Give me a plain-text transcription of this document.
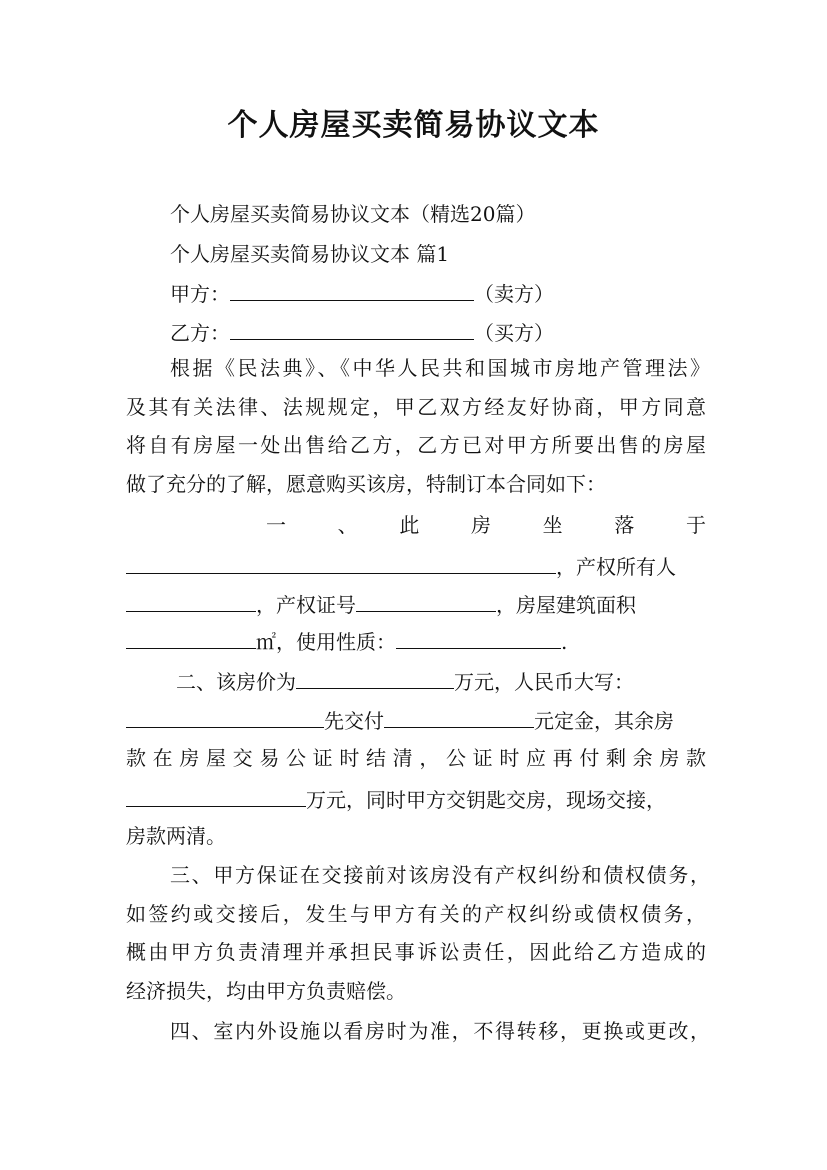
个人房屋买卖简易协议文本
个人房屋买卖简易协议文本（精选20篇）
个人房屋买卖简易协议文本 篇1
甲方：	（卖方）
乙方：	（买方）
根据《民法典》、《中华人民共和国城市房地产管理法》
及其有关法律、法规规定，甲乙双方经友好协商，甲方同意
将自有房屋一处出售给乙方，乙方已对甲方所要出售的房屋
做了充分的了解，愿意购买该房，特制订本合同如下：
一　、　此　房　坐　落　于
，产权所有人
，产权证号	，房屋建筑面积
㎡，使用性质：	.
二、该房价为	万元，人民币大写：
先交付	元定金，其余房
款在房屋交易公证时结清，公证时应再付剩余房款
万元，同时甲方交钥匙交房，现场交接，
房款两清。
三、甲方保证在交接前对该房没有产权纠纷和债权债务，
如签约或交接后，发生与甲方有关的产权纠纷或债权债务，
概由甲方负责清理并承担民事诉讼责任，因此给乙方造成的
经济损失，均由甲方负责赔偿。
四、室内外设施以看房时为准，不得转移，更换或更改，
